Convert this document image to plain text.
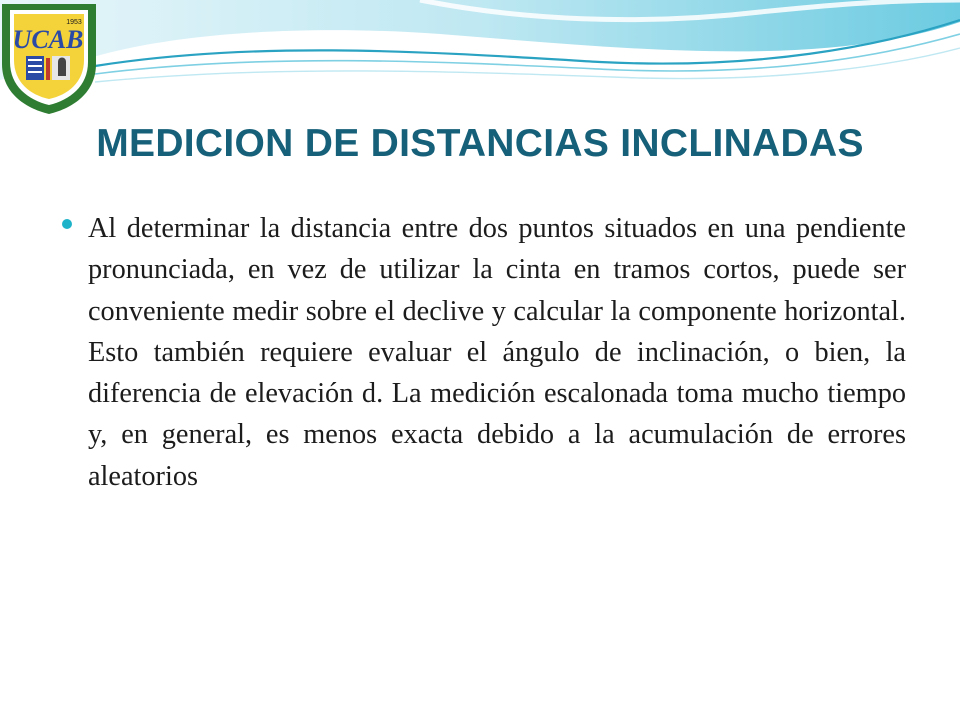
UCAB
1953
MEDICION DE DISTANCIAS INCLINADAS

Al determinar la distancia entre dos puntos situados en una pendiente pronunciada, en vez de utilizar la cinta en tramos cortos, puede ser conveniente medir sobre el declive y calcular la componente horizontal. Esto también requiere evaluar el ángulo de inclinación, o bien, la diferencia de elevación d. La medición escalonada toma mucho tiempo y, en general, es menos exacta debido a la acumulación de errores aleatorios
